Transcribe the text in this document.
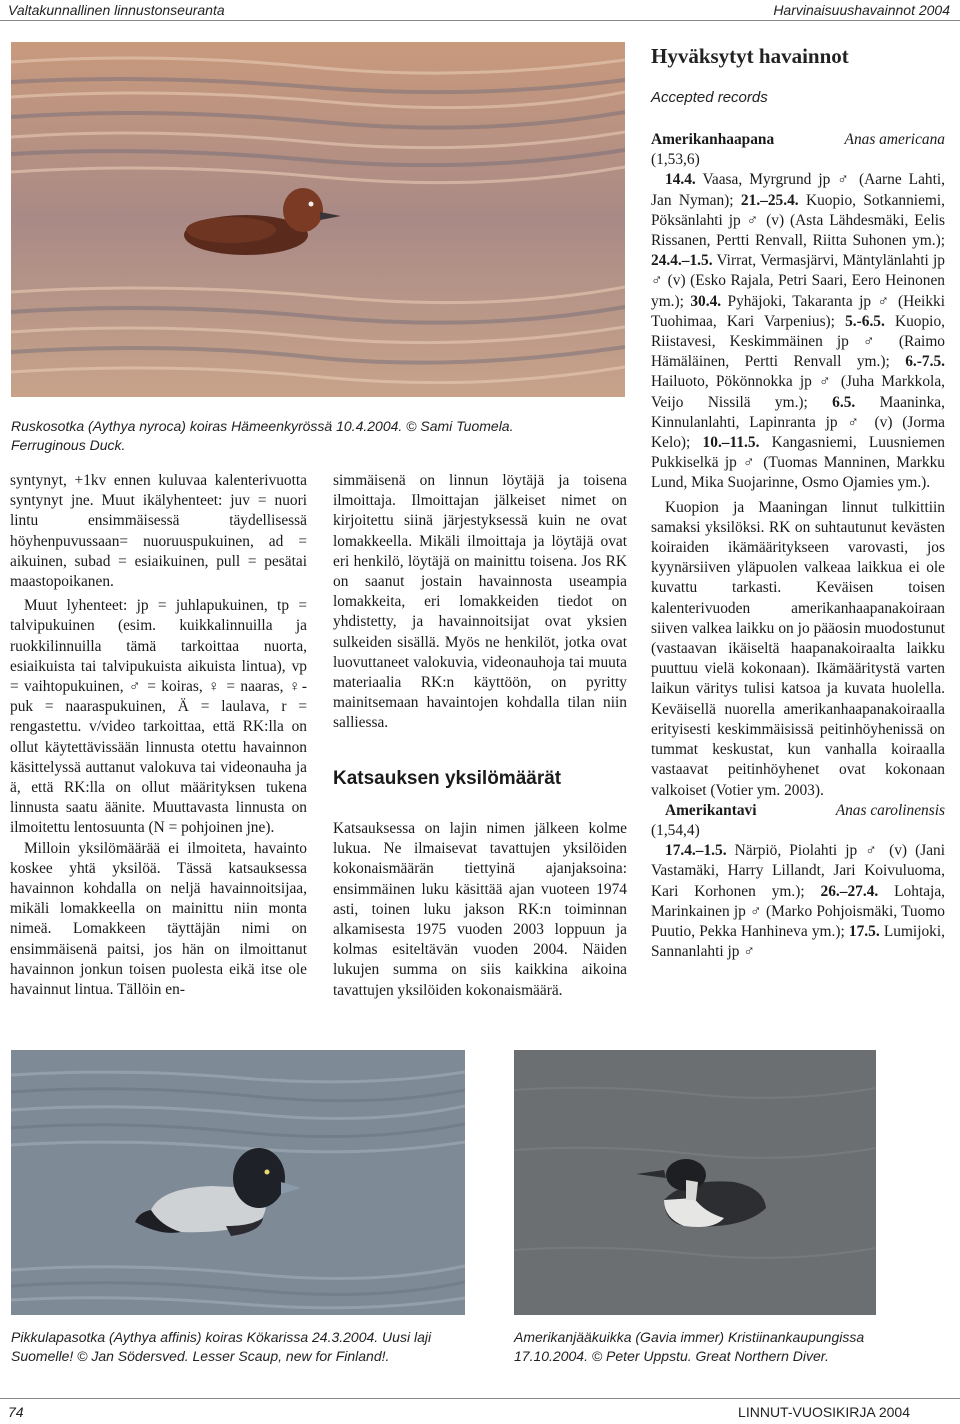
Valtakunnallinen linnustonseuranta	Harvinaisuushavainnot 2004
Ruskosotka (Aythya nyroca) koiras Hämeenkyrössä 10.4.2004. © Sami Tuomela.
Ferruginous Duck.

syntynyt, +1kv ennen kuluvaa kalenterivuotta syntynyt jne. Muut ikälyhenteet: juv = nuori lintu ensimmäisessä täydellisessä höyhenpuvussaan= nuoruuspukuinen, ad = aikuinen, subad = esiaikuinen, pull = pesätai maastopoikanen.

Muut lyhenteet: jp = juhlapukuinen, tp = talvipukuinen (esim. kuikkalinnuilla ja ruokkilinnuilla tämä tarkoittaa nuorta, esiaikuista tai talvipukuista aikuista lintua), vp = vaihtopukuinen, ♂ = koiras, ♀ = naaras, ♀-puk = naaraspukuinen, Ä = laulava, r = rengastettu. v/video tarkoittaa, että RK:lla on ollut käytettävissään linnusta otettu havainnon käsittelyssä auttanut valokuva tai videonauha ja ä, että RK:lla on ollut määrityksen tukena linnusta saatu äänite. Muuttavasta linnusta on ilmoitettu lentosuunta (N = pohjoinen jne).

Milloin yksilömäärää ei ilmoiteta, havainto koskee yhtä yksilöä. Tässä katsauksessa havainnon kohdalla on neljä havainnoitsijaa, mikäli lomakkeella on mainittu niin monta nimeä. Lomakkeen täyttäjän nimi on ensimmäisenä paitsi, jos hän on ilmoittanut havainnon jonkun toisen puolesta eikä itse ole havainnut lintua. Tällöin en-

simmäisenä on linnun löytäjä ja toisena ilmoittaja. Ilmoittajan jälkeiset nimet on kirjoitettu siinä järjestyksessä kuin ne ovat lomakkeella. Mikäli ilmoittaja ja löytäjä ovat eri henkilö, löytäjä on mainittu toisena. Jos RK on saanut jostain havainnosta useampia lomakkeita, eri lomakkeiden tiedot on yhdistetty, ja havainnoitsijat ovat yksien sulkeiden sisällä. Myös ne henkilöt, jotka ovat luovuttaneet valokuvia, videonauhoja tai muuta materiaalia RK:n käyttöön, on pyritty mainitsemaan havaintojen kohdalla tilan niin salliessa.

Katsauksen yksilömäärät

Katsauksessa on lajin nimen jälkeen kolme lukua. Ne ilmaisevat tavattujen yksilöiden kokonaismäärän tiettyinä ajanjaksoina: ensimmäinen luku käsittää ajan vuoteen 1974 asti, toinen luku jakson RK:n toiminnan alkamisesta 1975 vuoden 2003 loppuun ja kolmas esiteltävän vuoden 2004. Näiden lukujen summa on siis kaikkina aikoina tavattujen yksilöiden kokonaismäärä.

Hyväksytyt havainnot
Accepted records

Amerikanhaapana	Anas americana

(1,53,6)

14.4. Vaasa, Myrgrund jp ♂ (Aarne Lahti, Jan Nyman); 21.–25.4. Kuopio, Sotkanniemi, Pöksänlahti jp ♂ (v) (Asta Lähdesmäki, Eelis Rissanen, Pertti Renvall, Riitta Suhonen ym.); 24.4.–1.5. Virrat, Vermasjärvi, Mäntylänlahti jp ♂ (v) (Esko Rajala, Petri Saari, Eero Heinonen ym.); 30.4. Pyhäjoki, Takaranta jp ♂ (Heikki Tuohimaa, Kari Varpenius); 5.-6.5. Kuopio, Riistavesi, Keskimmäinen jp ♂ (Raimo Hämäläinen, Pertti Renvall ym.); 6.-7.5. Hailuoto, Pökönnokka jp ♂ (Juha Markkola, Veijo Nissilä ym.); 6.5. Maaninka, Kinnulanlahti, Lapinranta jp ♂ (v) (Jorma Kelo); 10.–11.5. Kangasniemi, Luusniemen Pukkiselkä jp ♂ (Tuomas Manninen, Markku Lund, Mika Suojarinne, Osmo Ojamies ym.).

Kuopion ja Maaningan linnut tulkittiin samaksi yksilöksi. RK on suhtautunut kevästen koiraiden ikämääritykseen varovasti, jos kyynärsiiven yläpuolen valkeaa laikkua ei ole kuvattu tarkasti. Keväisen toisen kalenterivuoden amerikanhaapanakoiraan siiven valkea laikku on jo pääosin muodostunut (vastaavan ikäiseltä haapanakoiraalta laikku puuttuu vielä kokonaan). Ikämääritystä varten laikun väritys tulisi katsoa ja kuvata huolella. Keväisellä nuorella amerikanhaapanakoiraalla erityisesti keskimmäisissä peitinhöyhenissä on tummat keskustat, kun vanhalla koiraalla vastaavat peitinhöyhenet ovat kokonaan valkoiset (Votier ym. 2003).

Amerikantavi	Anas carolinensis

(1,54,4)

17.4.–1.5. Närpiö, Piolahti jp ♂ (v) (Jani Vastamäki, Harry Lillandt, Jari Koivuluoma, Kari Korhonen ym.); 26.–27.4. Lohtaja, Marinkainen jp ♂ (Marko Pohjoismäki, Tuomo Puutio, Pekka Hanhineva ym.); 17.5. Lumijoki, Sannanlahti jp ♂

Pikkulapasotka (Aythya affinis) koiras Kökarissa 24.3.2004. Uusi laji
Suomelle! © Jan Södersved. Lesser Scaup, new for Finland!.
Amerikanjääkuikka (Gavia immer) Kristiinankaupungissa
17.10.2004. © Peter Uppstu. Great Northern Diver.
74	LINNUT-VUOSIKIRJA 2004
